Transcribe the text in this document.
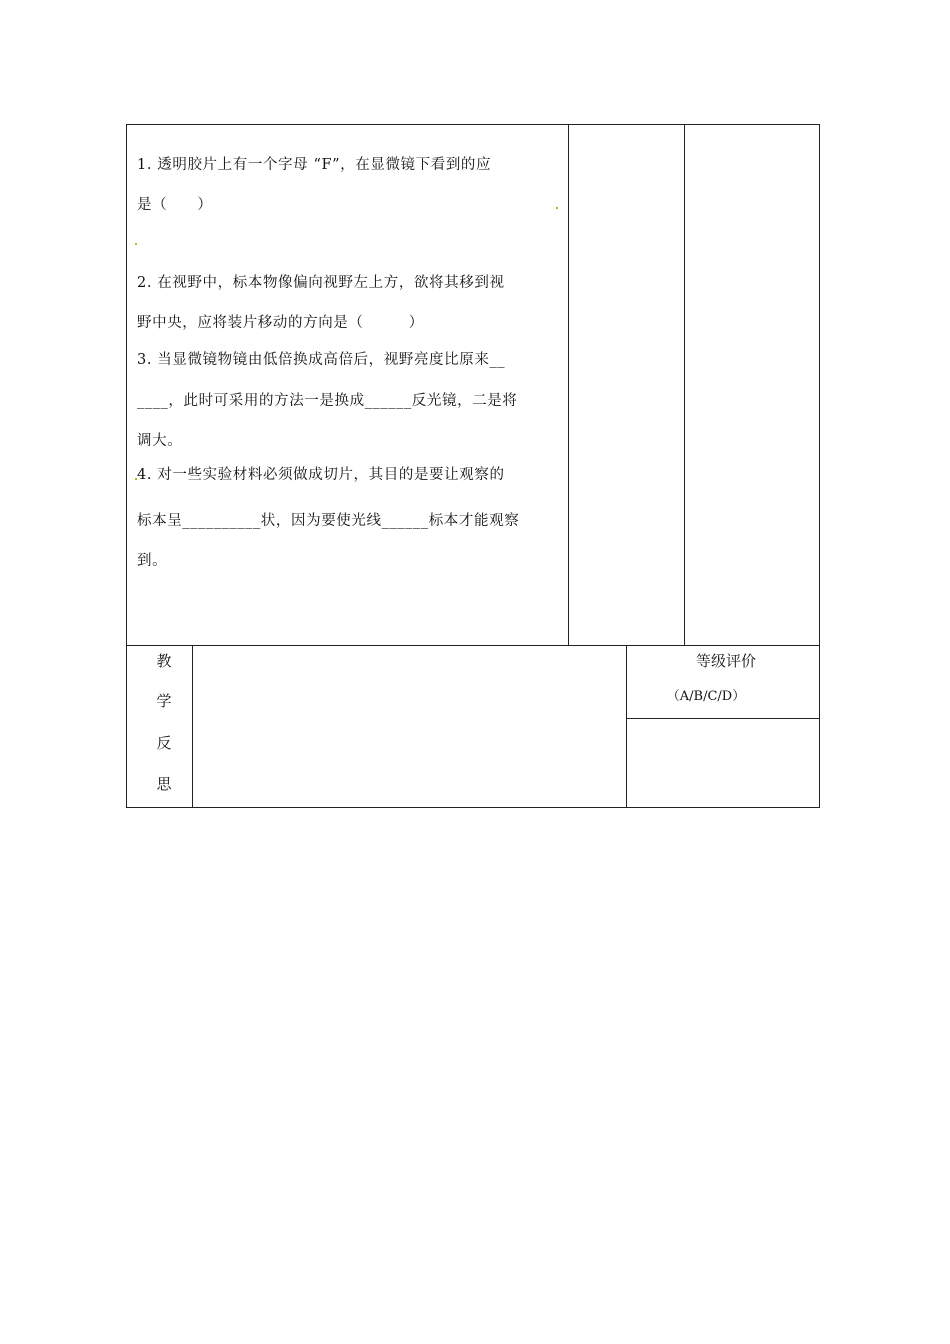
1. 透明胶片上有一个字母 “F”，在显微镜下看到的应
是（　　）
2. 在视野中，标本物像偏向视野左上方，欲将其移到视
野中央，应将装片移动的方向是（　　　）
3. 当显微镜物镜由低倍换成高倍后，视野亮度比原来__
____，此时可采用的方法一是换成______反光镜，二是将
调大。
4. 对一些实验材料必须做成切片，其目的是要让观察的
标本呈__________状，因为要使光线______标本才能观察
到。
教
学
反
思
等级评价
（A/B/C/D）
